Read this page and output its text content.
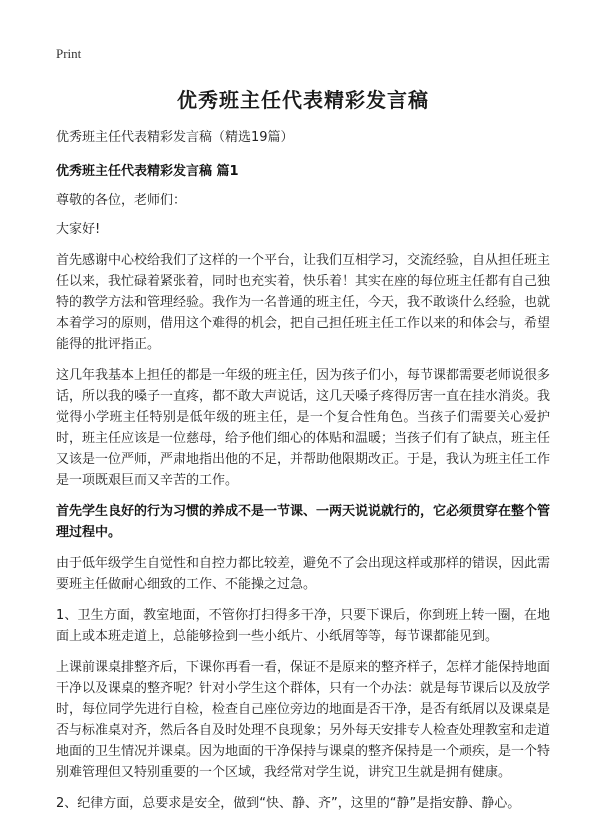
Print
优秀班主任代表精彩发言稿
优秀班主任代表精彩发言稿（精选19篇）
优秀班主任代表精彩发言稿 篇1
尊敬的各位，老师们：
大家好!
首先感谢中心校给我们了这样的一个平台，让我们互相学习，交流经验，自从担任班主任以来，我忙碌着紧张着，同时也充实着，快乐着！其实在座的每位班主任都有自己独特的教学方法和管理经验。我作为一名普通的班主任，今天，我不敢谈什么经验，也就本着学习的原则，借用这个难得的机会，把自己担任班主任工作以来的和体会与，希望能得的批评指正。
这几年我基本上担任的都是一年级的班主任，因为孩子们小，每节课都需要老师说很多话，所以我的嗓子一直疼，都不敢大声说话，这几天嗓子疼得厉害一直在挂水消炎。我觉得小学班主任特别是低年级的班主任，是一个复合性角色。当孩子们需要关心爱护时，班主任应该是一位慈母，给予他们细心的体贴和温暖；当孩子们有了缺点，班主任又该是一位严师，严肃地指出他的不足，并帮助他限期改正。于是，我认为班主任工作是一项既艰巨而又辛苦的工作。
首先学生良好的行为习惯的养成不是一节课、一两天说说就行的，它必须贯穿在整个管理过程中。
由于低年级学生自觉性和自控力都比较差，避免不了会出现这样或那样的错误，因此需要班主任做耐心细致的工作、不能操之过急。
1、卫生方面，教室地面，不管你打扫得多干净，只要下课后，你到班上转一圈，在地面上或本班走道上，总能够捡到一些小纸片、小纸屑等等，每节课都能见到。
上课前课桌排整齐后，下课你再看一看，保证不是原来的整齐样子，怎样才能保持地面干净以及课桌的整齐呢？针对小学生这个群体，只有一个办法：就是每节课后以及放学时，每位同学先进行自检，检查自己座位旁边的地面是否干净，是否有纸屑以及课桌是否与标准桌对齐，然后各自及时处理不良现象；另外每天安排专人检查处理教室和走道地面的卫生情况并课桌。因为地面的干净保持与课桌的整齐保持是一个顽疾，是一个特别难管理但又特别重要的一个区域，我经常对学生说，讲究卫生就是拥有健康。
2、纪律方面，总要求是安全，做到“快、静、齐”，这里的“静”是指安静、静心。
